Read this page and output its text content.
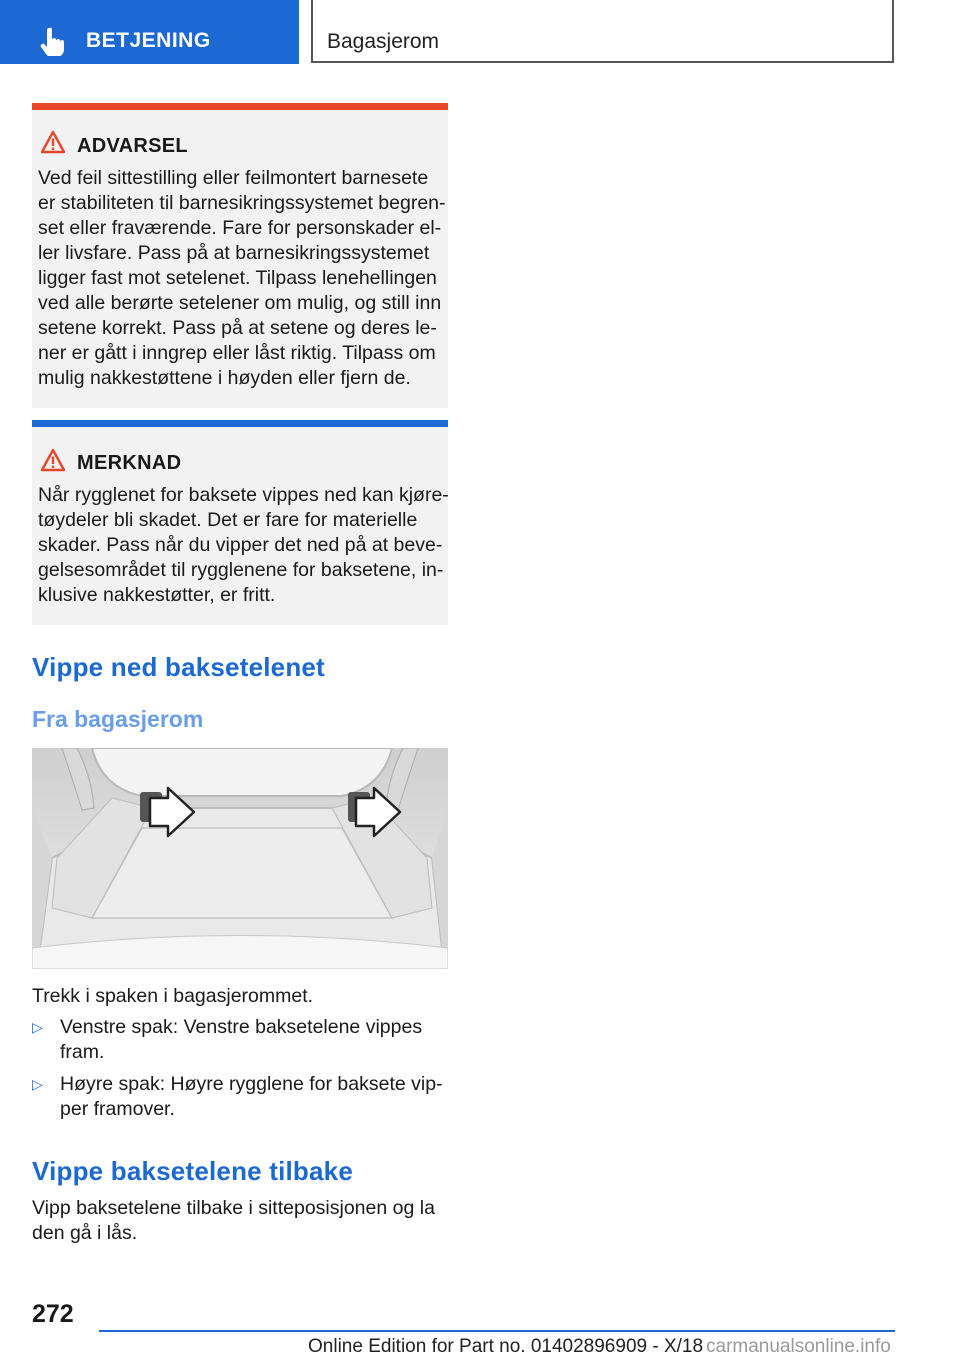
BETJENING	Bagasjerom
ADVARSEL
Ved feil sittestilling eller feilmontert barnesete
er stabiliteten til barnesikringssystemet begren-
set eller fraværende. Fare for personskader el-
ler livsfare. Pass på at barnesikringssystemet
ligger fast mot setelenet. Tilpass lenehellingen
ved alle berørte setelener om mulig, og still inn
setene korrekt. Pass på at setene og deres le-
ner er gått i inngrep eller låst riktig. Tilpass om
mulig nakkestøttene i høyden eller fjern de.
MERKNAD
Når rygglenet for baksete vippes ned kan kjøre-
tøydeler bli skadet. Det er fare for materielle
skader. Pass når du vipper det ned på at beve-
gelsesområdet til rygglenene for baksetene, in-
klusive nakkestøtter, er fritt.
Vippe ned baksetelenet
Fra bagasjerom
Trekk i spaken i bagasjerommet.
▷ Venstre spak: Venstre baksetelene vippes
fram.
▷ Høyre spak: Høyre rygglene for baksete vip-
per framover.
Vippe baksetelene tilbake
Vipp baksetelene tilbake i sitteposisjonen og la
den gå i lås.
272
Online Edition for Part no. 01402896909 - X/18 carmanualsonline.info
